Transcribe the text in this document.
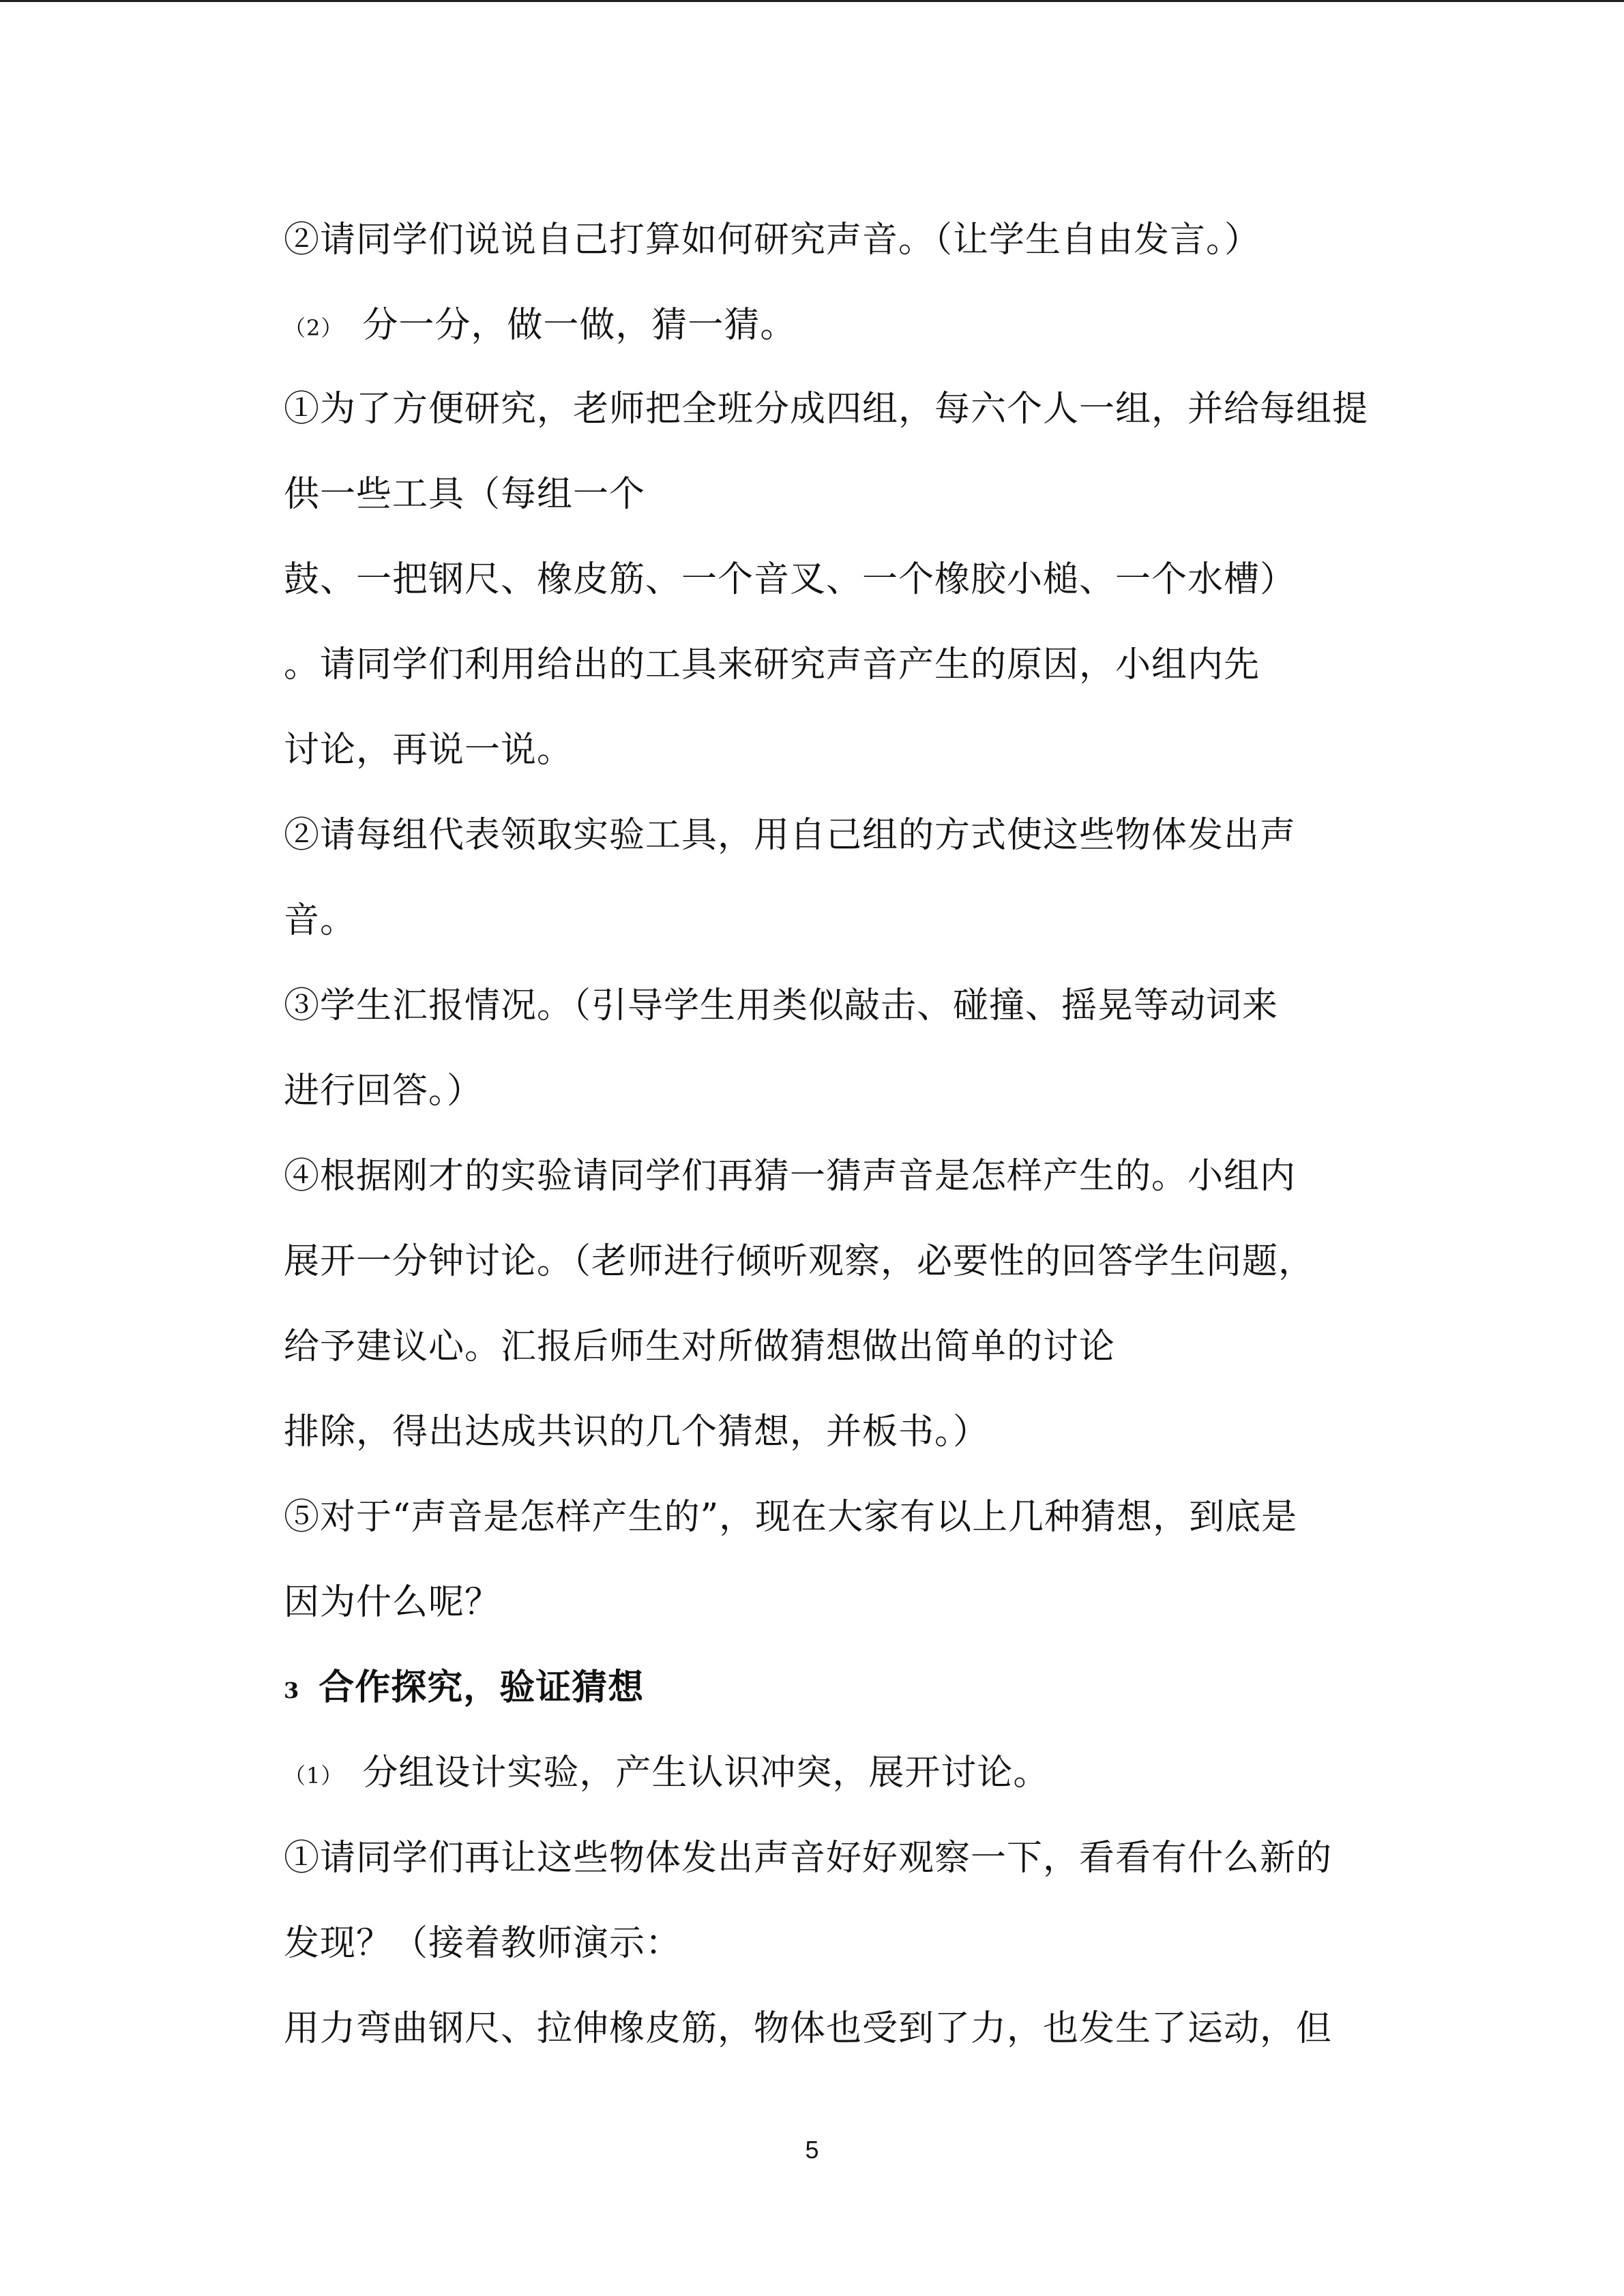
②请同学们说说自己打算如何研究声音。（让学生自由发言。）
（2） 分一分，做一做，猜一猜。
①为了方便研究，老师把全班分成四组，每六个人一组，并给每组提
供一些工具（每组一个
鼓、一把钢尺、橡皮筋、一个音叉、一个橡胶小槌、一个水槽）
。请同学们利用给出的工具来研究声音产生的原因，小组内先
讨论，再说一说。
②请每组代表领取实验工具，用自己组的方式使这些物体发出声
音。
③学生汇报情况。（引导学生用类似敲击、碰撞、摇晃等动词来
进行回答。）
④根据刚才的实验请同学们再猜一猜声音是怎样产生的。小组内
展开一分钟讨论。（老师进行倾听观察，必要性的回答学生问题，
给予建议心。汇报后师生对所做猜想做出简单的讨论
排除，得出达成共识的几个猜想，并板书。）
⑤对于“声音是怎样产生的”，现在大家有以上几种猜想，到底是
因为什么呢？
3 合作探究，验证猜想
（1） 分组设计实验，产生认识冲突，展开讨论。
①请同学们再让这些物体发出声音好好观察一下，看看有什么新的
发现？（接着教师演示：
用力弯曲钢尺、拉伸橡皮筋，物体也受到了力，也发生了运动，但
5
